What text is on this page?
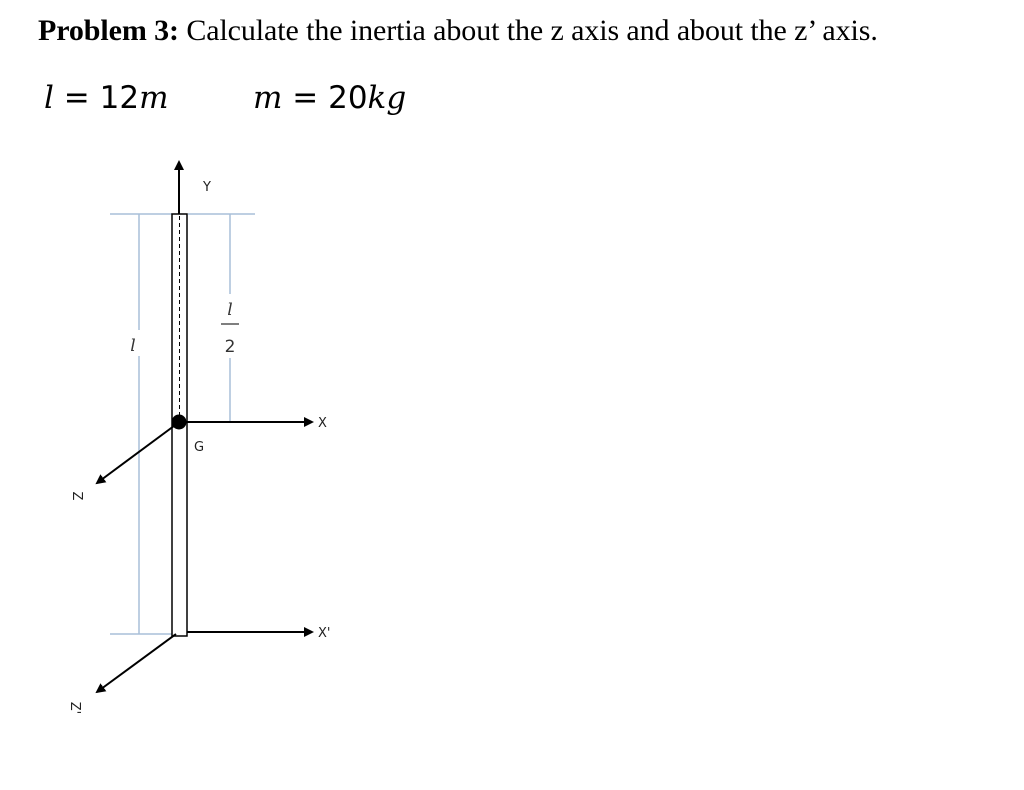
Problem 3: Calculate the inertia about the z axis and about the z’ axis.
l = 12m	m = 20kg
Y
X
X'
G
Z
Z'
l
l
2
